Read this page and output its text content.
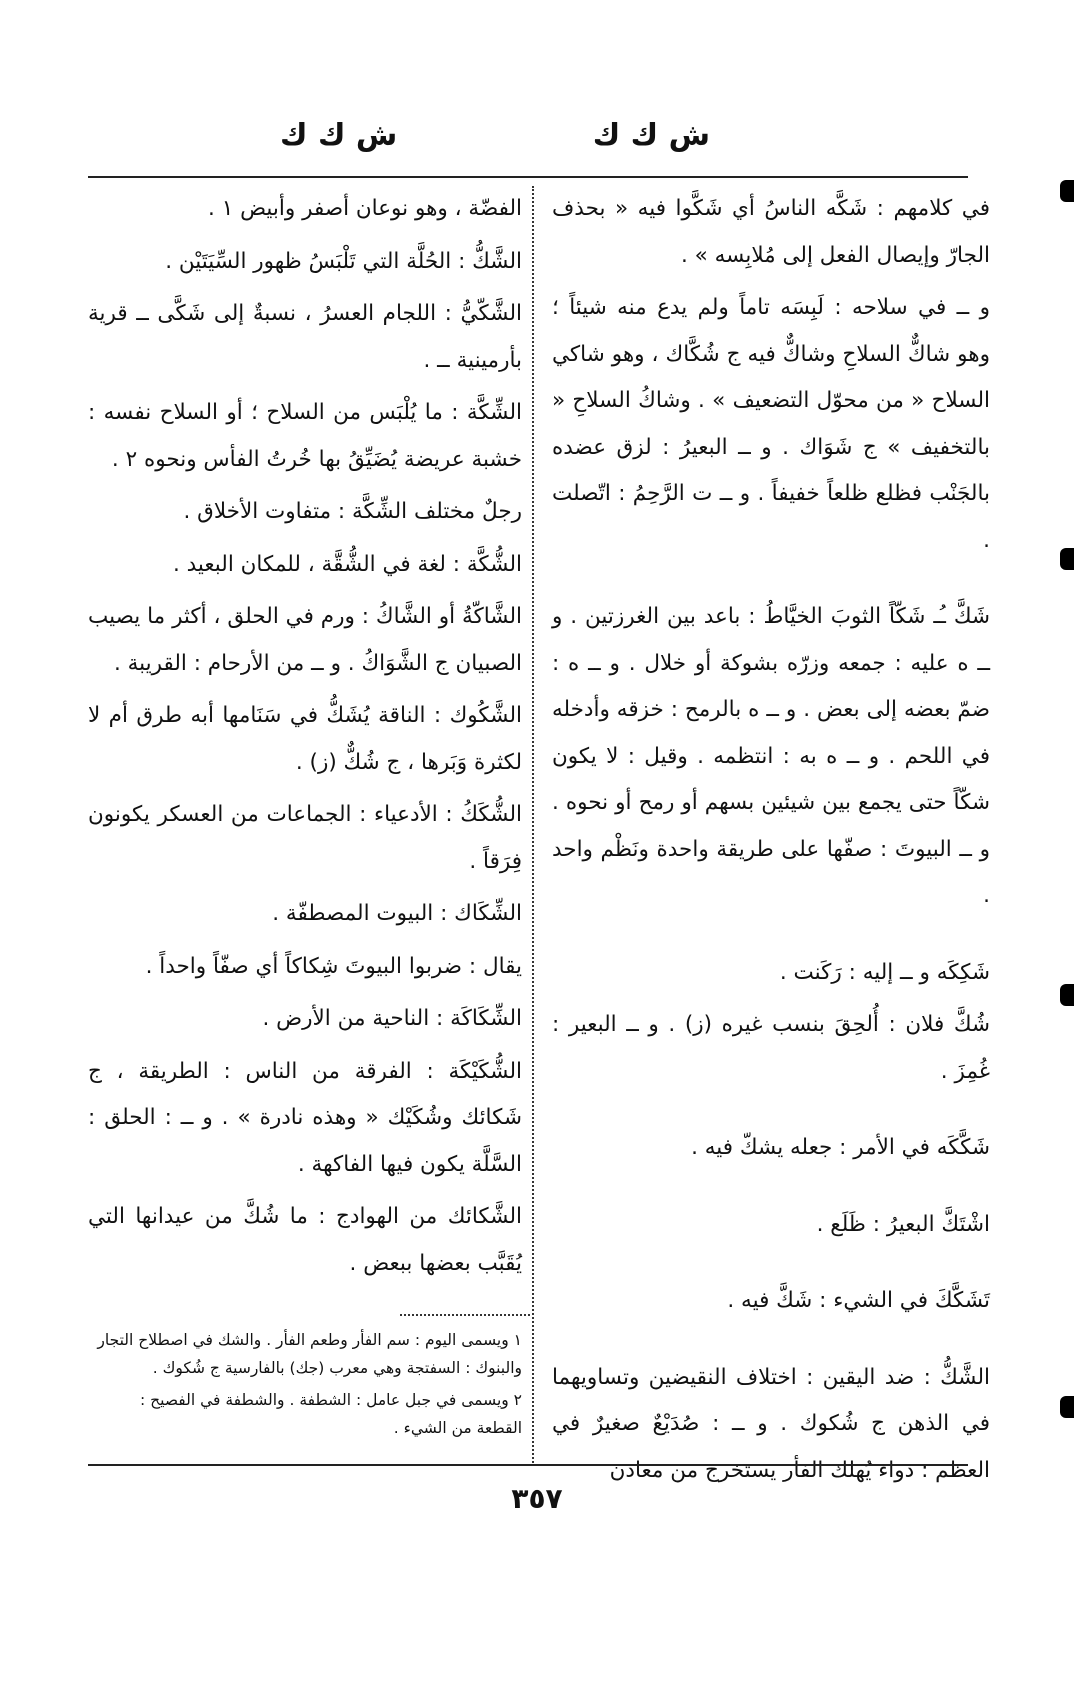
ش ك ك
ش ك ك

في كلامهم : شَكَّه الناسُ أي شَكَّوا فيه « بحذف الجارّ وإيصال الفعل إلى مُلابِسه » .

و ــ في سلاحه : لَبِسَه تاماً ولم يدع منه شيئاً ؛ وهو شاكٌّ السلاحِ وشاكٌّ فيه ج شُكَّاك ، وهو شاكي السلاح « من محوّل التضعيف » . وشاكُ السلاحِ « بالتخفيف » ج شَوَاك . و ــ البعيرُ : لزق عضده بالجَنْب فظلع ظلعاً خفيفاً . و ــ ت الرَّحِمُ : اتّصلت .

شَكَّ ـُـ شَكّاً الثوبَ الخيَّاطُ : باعد بين الغرزتين . و ــ ه عليه : جمعه وزرّه بشوكة أو خلال . و ــ ه : ضمّ بعضه إلى بعض . و ــ ه بالرمح : خزقه وأدخله في اللحم . و ــ ه به : انتظمه . وقيل : لا يكون شكّاً حتى يجمع بين شيئين بسهم أو رمح أو نحوه . و ــ البيوتَ : صفّها على طريقة واحدة ونَظْم واحد .

شَكِكَه و ــ إليه : رَكَنت .

شُكَّ فلان : أُلحِقَ بنسب غيره (ز) . و ــ البعير : غُمِزَ .

شَكَّكَه في الأمر : جعله يشكّ فيه .

اشْتَكَّ البعيرُ : ظَلَع .

تَشَكَّكَ في الشيء : شَكَّ فيه .

الشَّكُّ : ضد اليقين : اختلاف النقيضين وتساويهما في الذهن ج شُكوك . و ــ : صُدَيْعٌ صغيرٌ في العظم : دواء يُهلك الفأر يستخرج من معادن

الفضّة ، وهو نوعان أصفر وأبيض ١ .

الشَّكُّ : الحُلَّة التي تَلْبَسُ ظهور السِّيَتَيْن .

الشَّكّيُّ : اللجام العسرُ ، نسبةٌ إلى شَكَّى ــ قرية بأرمينية ــ .

الشِّكَّة : ما يُلْبَس من السلاح ؛ أو السلاح نفسه : خشبة عريضة يُضَيِّقُ بها خُرتُ الفأس ونحوه ٢ .

رجلٌ مختلف الشِّكَّة : متفاوت الأخلاق .

الشُّكَّة : لغة في الشُّقَّة ، للمكان البعيد .

الشَّاكّةُ أو الشَّاكُ : ورم في الحلق ، أكثر ما يصيب الصبيان ج الشَّوَاكُ . و ــ من الأرحام : القريبة .

الشَّكُوك : الناقة يُشَكُّ في سَنَامها أبه طرق أم لا لكثرة وَبَرها ، ج شُكٌّ (ز) .

الشُّكَكُ : الأدعياء : الجماعات من العسكر يكونون فِرَقاً .

الشِّكَاك : البيوت المصطفّة .

يقال : ضربوا البيوتَ شِكاكاً أي صفّاً واحداً .

الشِّكَاكَة : الناحية من الأرض .

الشُّكَيْكَة : الفرقة من الناس : الطريقة ، ج شَكائك وشُكَيْك « وهذه نادرة » . و ــ : الحلق : السَّلَّة يكون فيها الفاكهة .

الشَّكائك من الهوادج : ما شُكَّ من عيدانها التي يُقَبَّب بعضها ببعض .

١ ويسمى اليوم : سم الفأر وطعم الفأر . والشك في اصطلاح التجار والبنوك : السفتجة وهي معرب (جك) بالفارسية ج شُكوك .

٢ ويسمى في جبل عامل : الشطفة . والشطفة في الفصيح : القطعة من الشيء .

٣٥٧
